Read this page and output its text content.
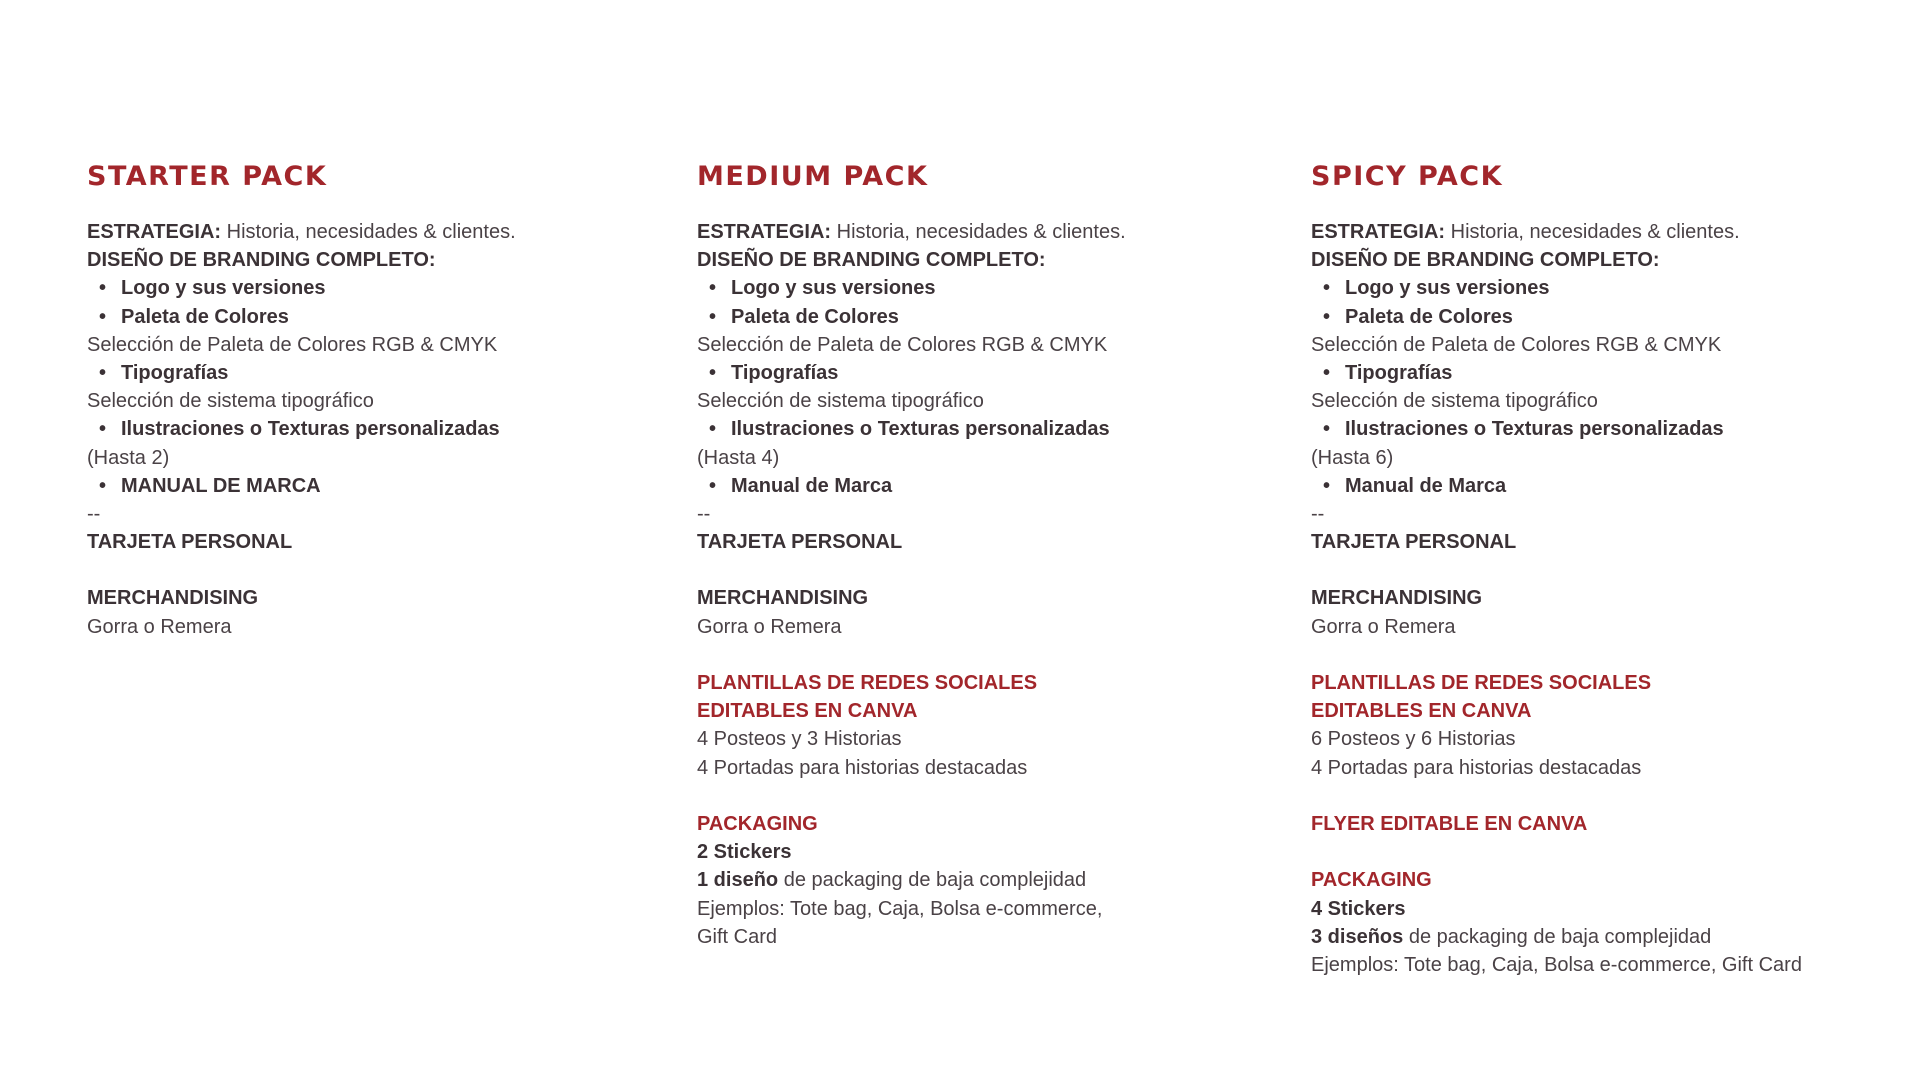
STARTER PACK
ESTRATEGIA: Historia, necesidades & clientes.
DISEÑO DE BRANDING COMPLETO:
• Logo y sus versiones
• Paleta de Colores
Selección de Paleta de Colores RGB & CMYK
• Tipografías
Selección de sistema tipográfico
• Ilustraciones o Texturas personalizadas
(Hasta 2)
• MANUAL DE MARCA
--
TARJETA PERSONAL
MERCHANDISING
Gorra o Remera
MEDIUM PACK
ESTRATEGIA: Historia, necesidades & clientes.
DISEÑO DE BRANDING COMPLETO:
• Logo y sus versiones
• Paleta de Colores
Selección de Paleta de Colores RGB & CMYK
• Tipografías
Selección de sistema tipográfico
• Ilustraciones o Texturas personalizadas
(Hasta 4)
• Manual de Marca
--
TARJETA PERSONAL
MERCHANDISING
Gorra o Remera
PLANTILLAS DE REDES SOCIALES
EDITABLES EN CANVA
4 Posteos y 3 Historias
4 Portadas para historias destacadas
PACKAGING
2 Stickers
1 diseño de packaging de baja complejidad
Ejemplos: Tote bag, Caja, Bolsa e-commerce,
Gift Card
SPICY PACK
ESTRATEGIA: Historia, necesidades & clientes.
DISEÑO DE BRANDING COMPLETO:
• Logo y sus versiones
• Paleta de Colores
Selección de Paleta de Colores RGB & CMYK
• Tipografías
Selección de sistema tipográfico
• Ilustraciones o Texturas personalizadas
(Hasta 6)
• Manual de Marca
--
TARJETA PERSONAL
MERCHANDISING
Gorra o Remera
PLANTILLAS DE REDES SOCIALES
EDITABLES EN CANVA
6 Posteos y 6 Historias
4 Portadas para historias destacadas
FLYER EDITABLE EN CANVA
PACKAGING
4 Stickers
3 diseños de packaging de baja complejidad
Ejemplos: Tote bag, Caja, Bolsa e-commerce, Gift Card
